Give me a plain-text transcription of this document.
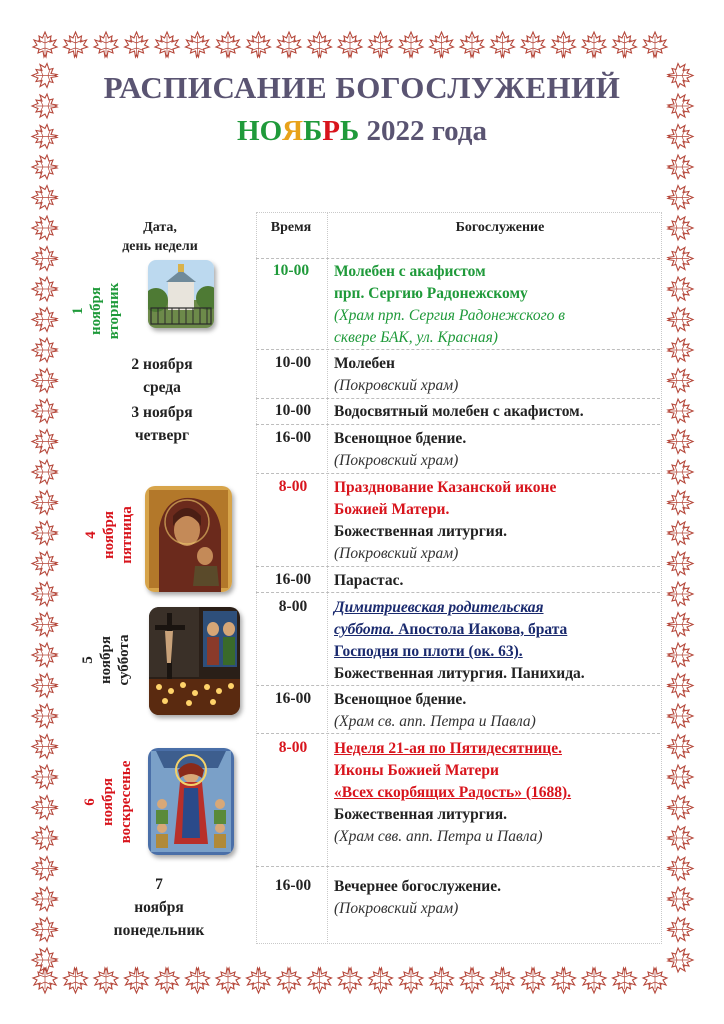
РАСПИСАНИЕ БОГОСЛУЖЕНИЙ
НОЯБРЬ 2022 года
Дата,
день недели
Время	Богослужение
1 ноября вторник
10-00	Молебен с акафистом
прп. Сергию Радонежскому
(Храм прп. Сергия Радонежского в
сквере БАК, ул. Красная)
2 ноября
среда
10-00	Молебен
(Покровский храм)
3 ноября
четверг
10-00	Водосвятный молебен с акафистом.
16-00	Всенощное бдение.
(Покровский храм)
4 ноября пятница
8-00	Празднование Казанской иконе
Божией Матери.
Божественная литургия.
(Покровский храм)
16-00	Парастас.
5 ноября суббота
8-00	Димитриевская родительская
суббота. Апостола Иакова, брата
Господня по плоти (ок. 63).
Божественная литургия. Панихида.
16-00	Всенощное бдение.
(Храм св. апп. Петра и Павла)
6 ноября воскресенье
8-00	Неделя 21-ая по Пятидесятнице.
Иконы Божией Матери
«Всех скорбящих Радость» (1688).
Божественная литургия.
(Храм свв. апп. Петра и Павла)
7
ноября
понедельник
16-00	Вечернее богослужение.
(Покровский храм)
